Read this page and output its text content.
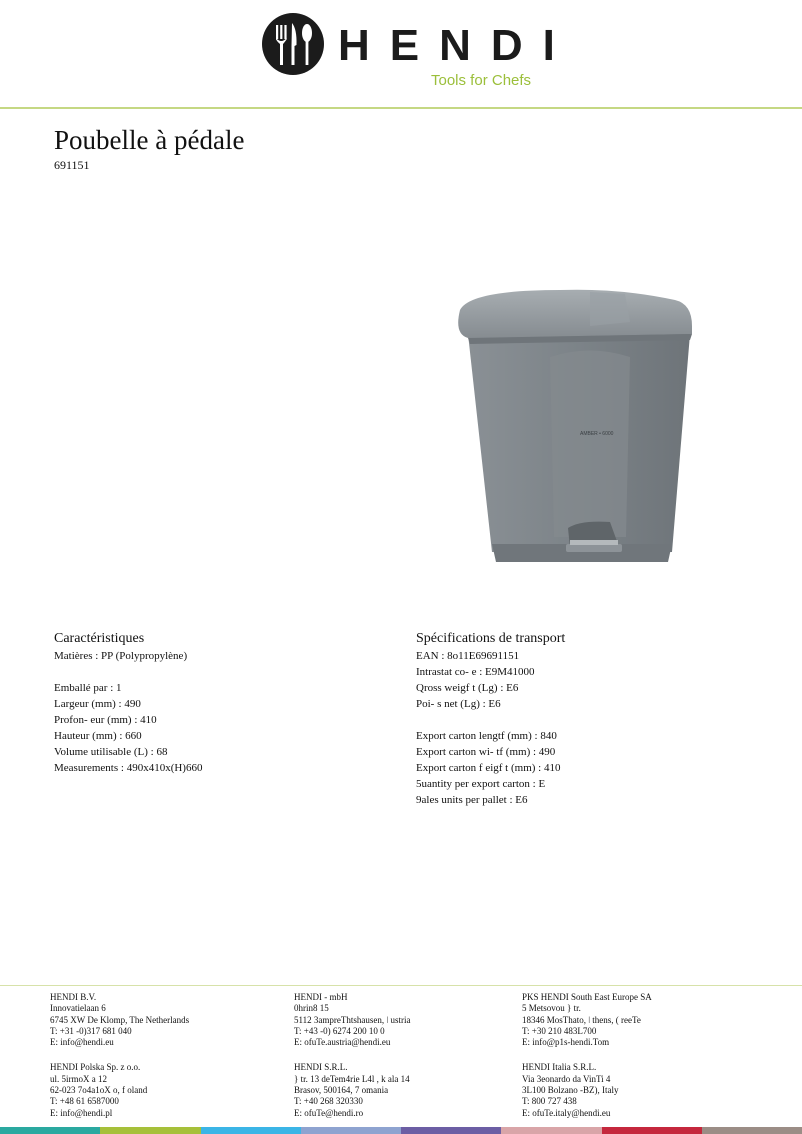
HENDI
Tools for Chefs
Poubelle à pédale
691151
AMBER • 6000
Caractéristiques
Matières : PP (Polypropylène)
Emballé par : 1
Largeur (mm) : 490
Profon- eur (mm) : 410
Hauteur (mm) : 660
Volume utilisable (L) : 68
Measurements : 490x410x(H)660
Spécifications de transport
EAN : 8o11E69691151
Intrastat co- e : E9M41000
Qross weigf t (Lg) : E6
Poi- s net (Lg) : E6
Export carton lengtf (mm) : 840
Export carton wi- tf (mm) : 490
Export carton f eigf t (mm) : 410
5uantity per export carton : E
9ales units per pallet : E6
HENDI B.V.
Innovatielaan 6
6745 XW De Klomp, The Netherlands
T: +31 -0)317 681 040
E: info@hendi.eu
HENDI Polska Sp. z o.o.
ul. 5irmoX a 12
62-023 7o4a1oX o, f oland
T: +48 61 6587000
E: info@hendi.pl
HENDI - mbH
0hrin8 15
5112 3ampreThtshausen, ǀ ustria
T: +43 -0) 6274 200 10 0
E: ofuTe.austria@hendi.eu
HENDI S.R.L.
} tr. 13 deTem4rie L4l , k ala 14
Brasov, 500164, 7 omania
T: +40 268 320330
E: ofuTe@hendi.ro
PKS HENDI South East Europe SA
5 Metsovou } tr.
18346 MosThato, ǀ thens, ( reeTe
T: +30 210 483L700
E: info@p1s-hendi.Tom
HENDI Italia S.R.L.
Via 3eonardo da VinTi 4
3L100 Bolzano -BZ), Italy
T: 800 727 438
E: ofuTe.italy@hendi.eu
